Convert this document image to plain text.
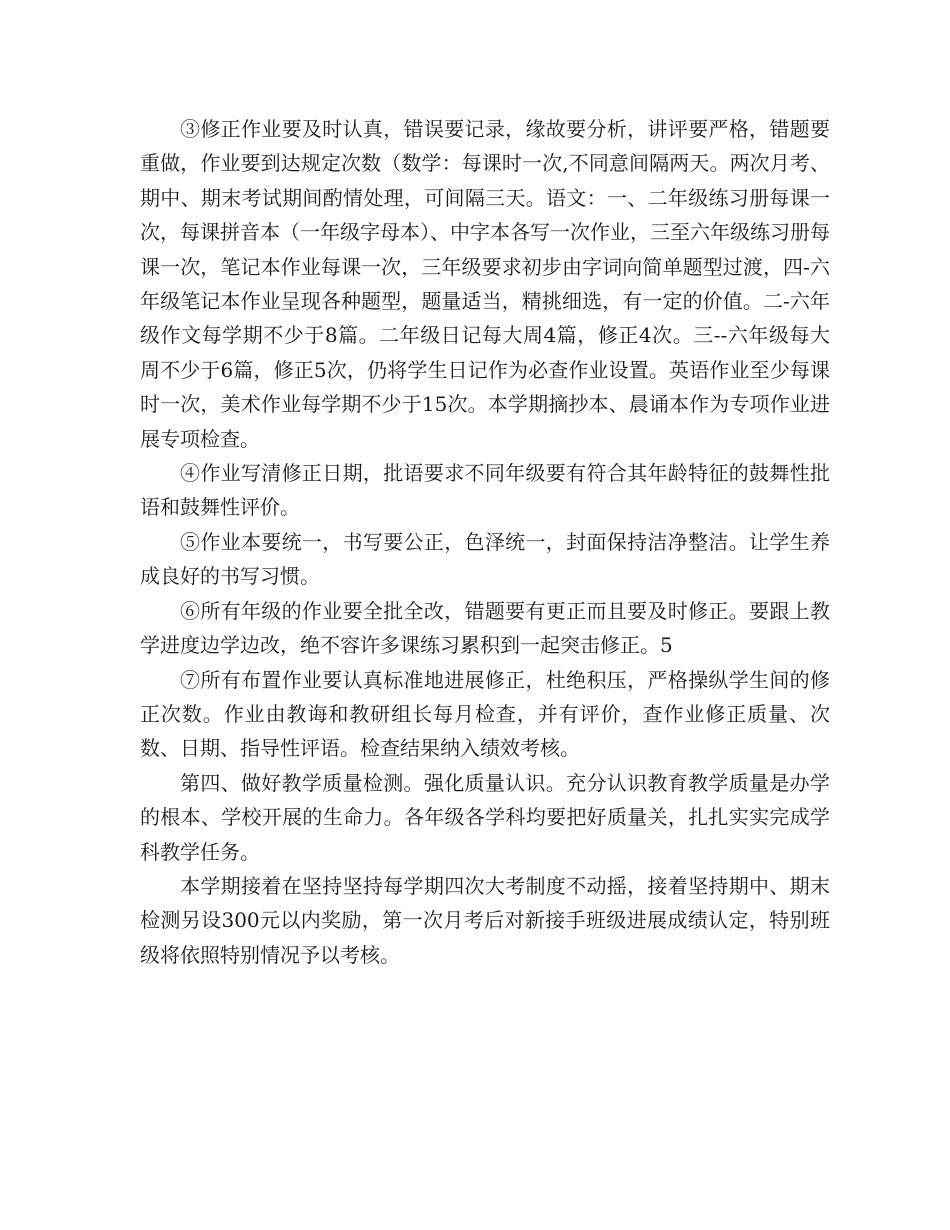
③修正作业要及时认真，错误要记录，缘故要分析，讲评要严格，错题要重做，作业要到达规定次数（数学：每课时一次,不同意间隔两天。两次月考、期中、期末考试期间酌情处理，可间隔三天。语文：一、二年级练习册每课一次，每课拼音本（一年级字母本）、中字本各写一次作业，三至六年级练习册每课一次，笔记本作业每课一次，三年级要求初步由字词向简单题型过渡，四-六年级笔记本作业呈现各种题型，题量适当，精挑细选，有一定的价值。二-六年级作文每学期不少于8篇。二年级日记每大周4篇，修正4次。三--六年级每大周不少于6篇，修正5次，仍将学生日记作为必查作业设置。英语作业至少每课时一次，美术作业每学期不少于15次。本学期摘抄本、晨诵本作为专项作业进展专项检查。

④作业写清修正日期，批语要求不同年级要有符合其年龄特征的鼓舞性批语和鼓舞性评价。

⑤作业本要统一，书写要公正，色泽统一，封面保持洁净整洁。让学生养成良好的书写习惯。

⑥所有年级的作业要全批全改，错题要有更正而且要及时修正。要跟上教学进度边学边改，绝不容许多课练习累积到一起突击修正。5

⑦所有布置作业要认真标准地进展修正，杜绝积压，严格操纵学生间的修正次数。作业由教诲和教研组长每月检查，并有评价，查作业修正质量、次数、日期、指导性评语。检查结果纳入绩效考核。

第四、做好教学质量检测。强化质量认识。充分认识教育教学质量是办学的根本、学校开展的生命力。各年级各学科均要把好质量关，扎扎实实完成学科教学任务。

本学期接着在坚持坚持每学期四次大考制度不动摇，接着坚持期中、期末检测另设300元以内奖励，第一次月考后对新接手班级进展成绩认定，特别班级将依照特别情况予以考核。
